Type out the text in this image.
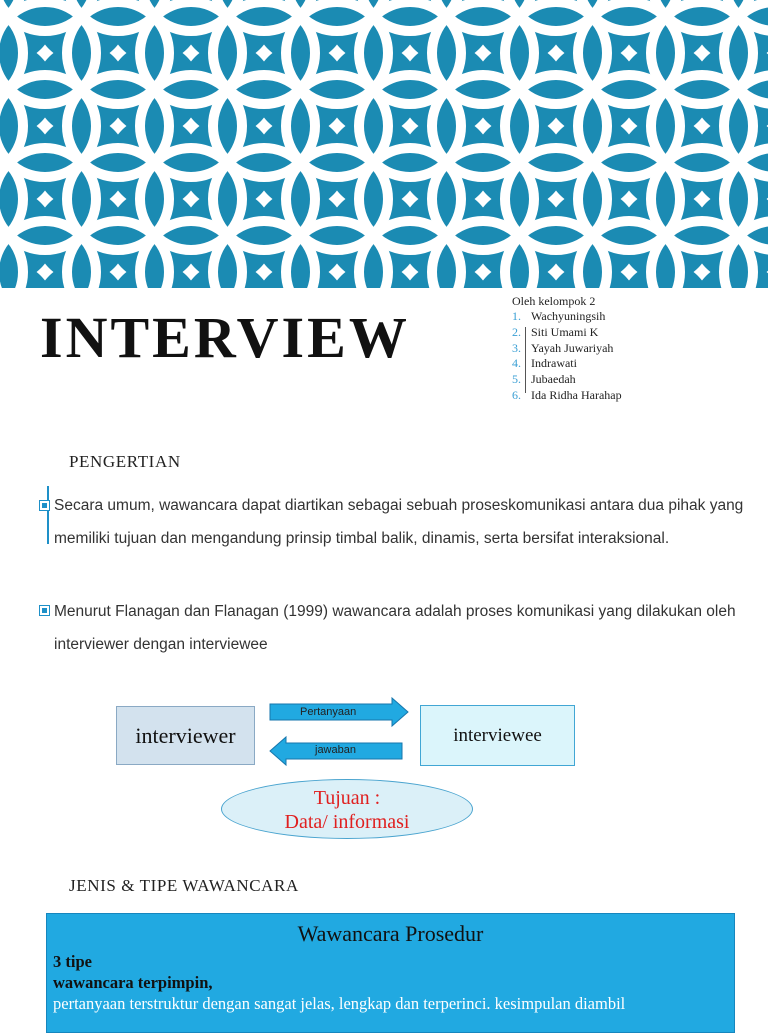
INTERVIEW
Oleh kelompok 2
1. Wachyuningsih
2. Siti Umami K
3. Yayah Juwariyah
4. Indrawati
5. Jubaedah
6. Ida Ridha Harahap
PENGERTIAN
Secara umum, wawancara dapat diartikan sebagai sebuah proseskomunikasi antara dua pihak yang memiliki tujuan dan mengandung prinsip timbal balik, dinamis, serta bersifat interaksional.
Menurut Flanagan dan Flanagan (1999) wawancara adalah proses komunikasi yang dilakukan oleh interviewer dengan interviewee
interviewer
Pertanyaan
jawaban
interviewee
Tujuan :
Data/ informasi
JENIS & TIPE WAWANCARA
Wawancara Prosedur
3 tipe
wawancara terpimpin,
pertanyaan terstruktur dengan sangat jelas, lengkap dan terperinci. kesimpulan diambil
